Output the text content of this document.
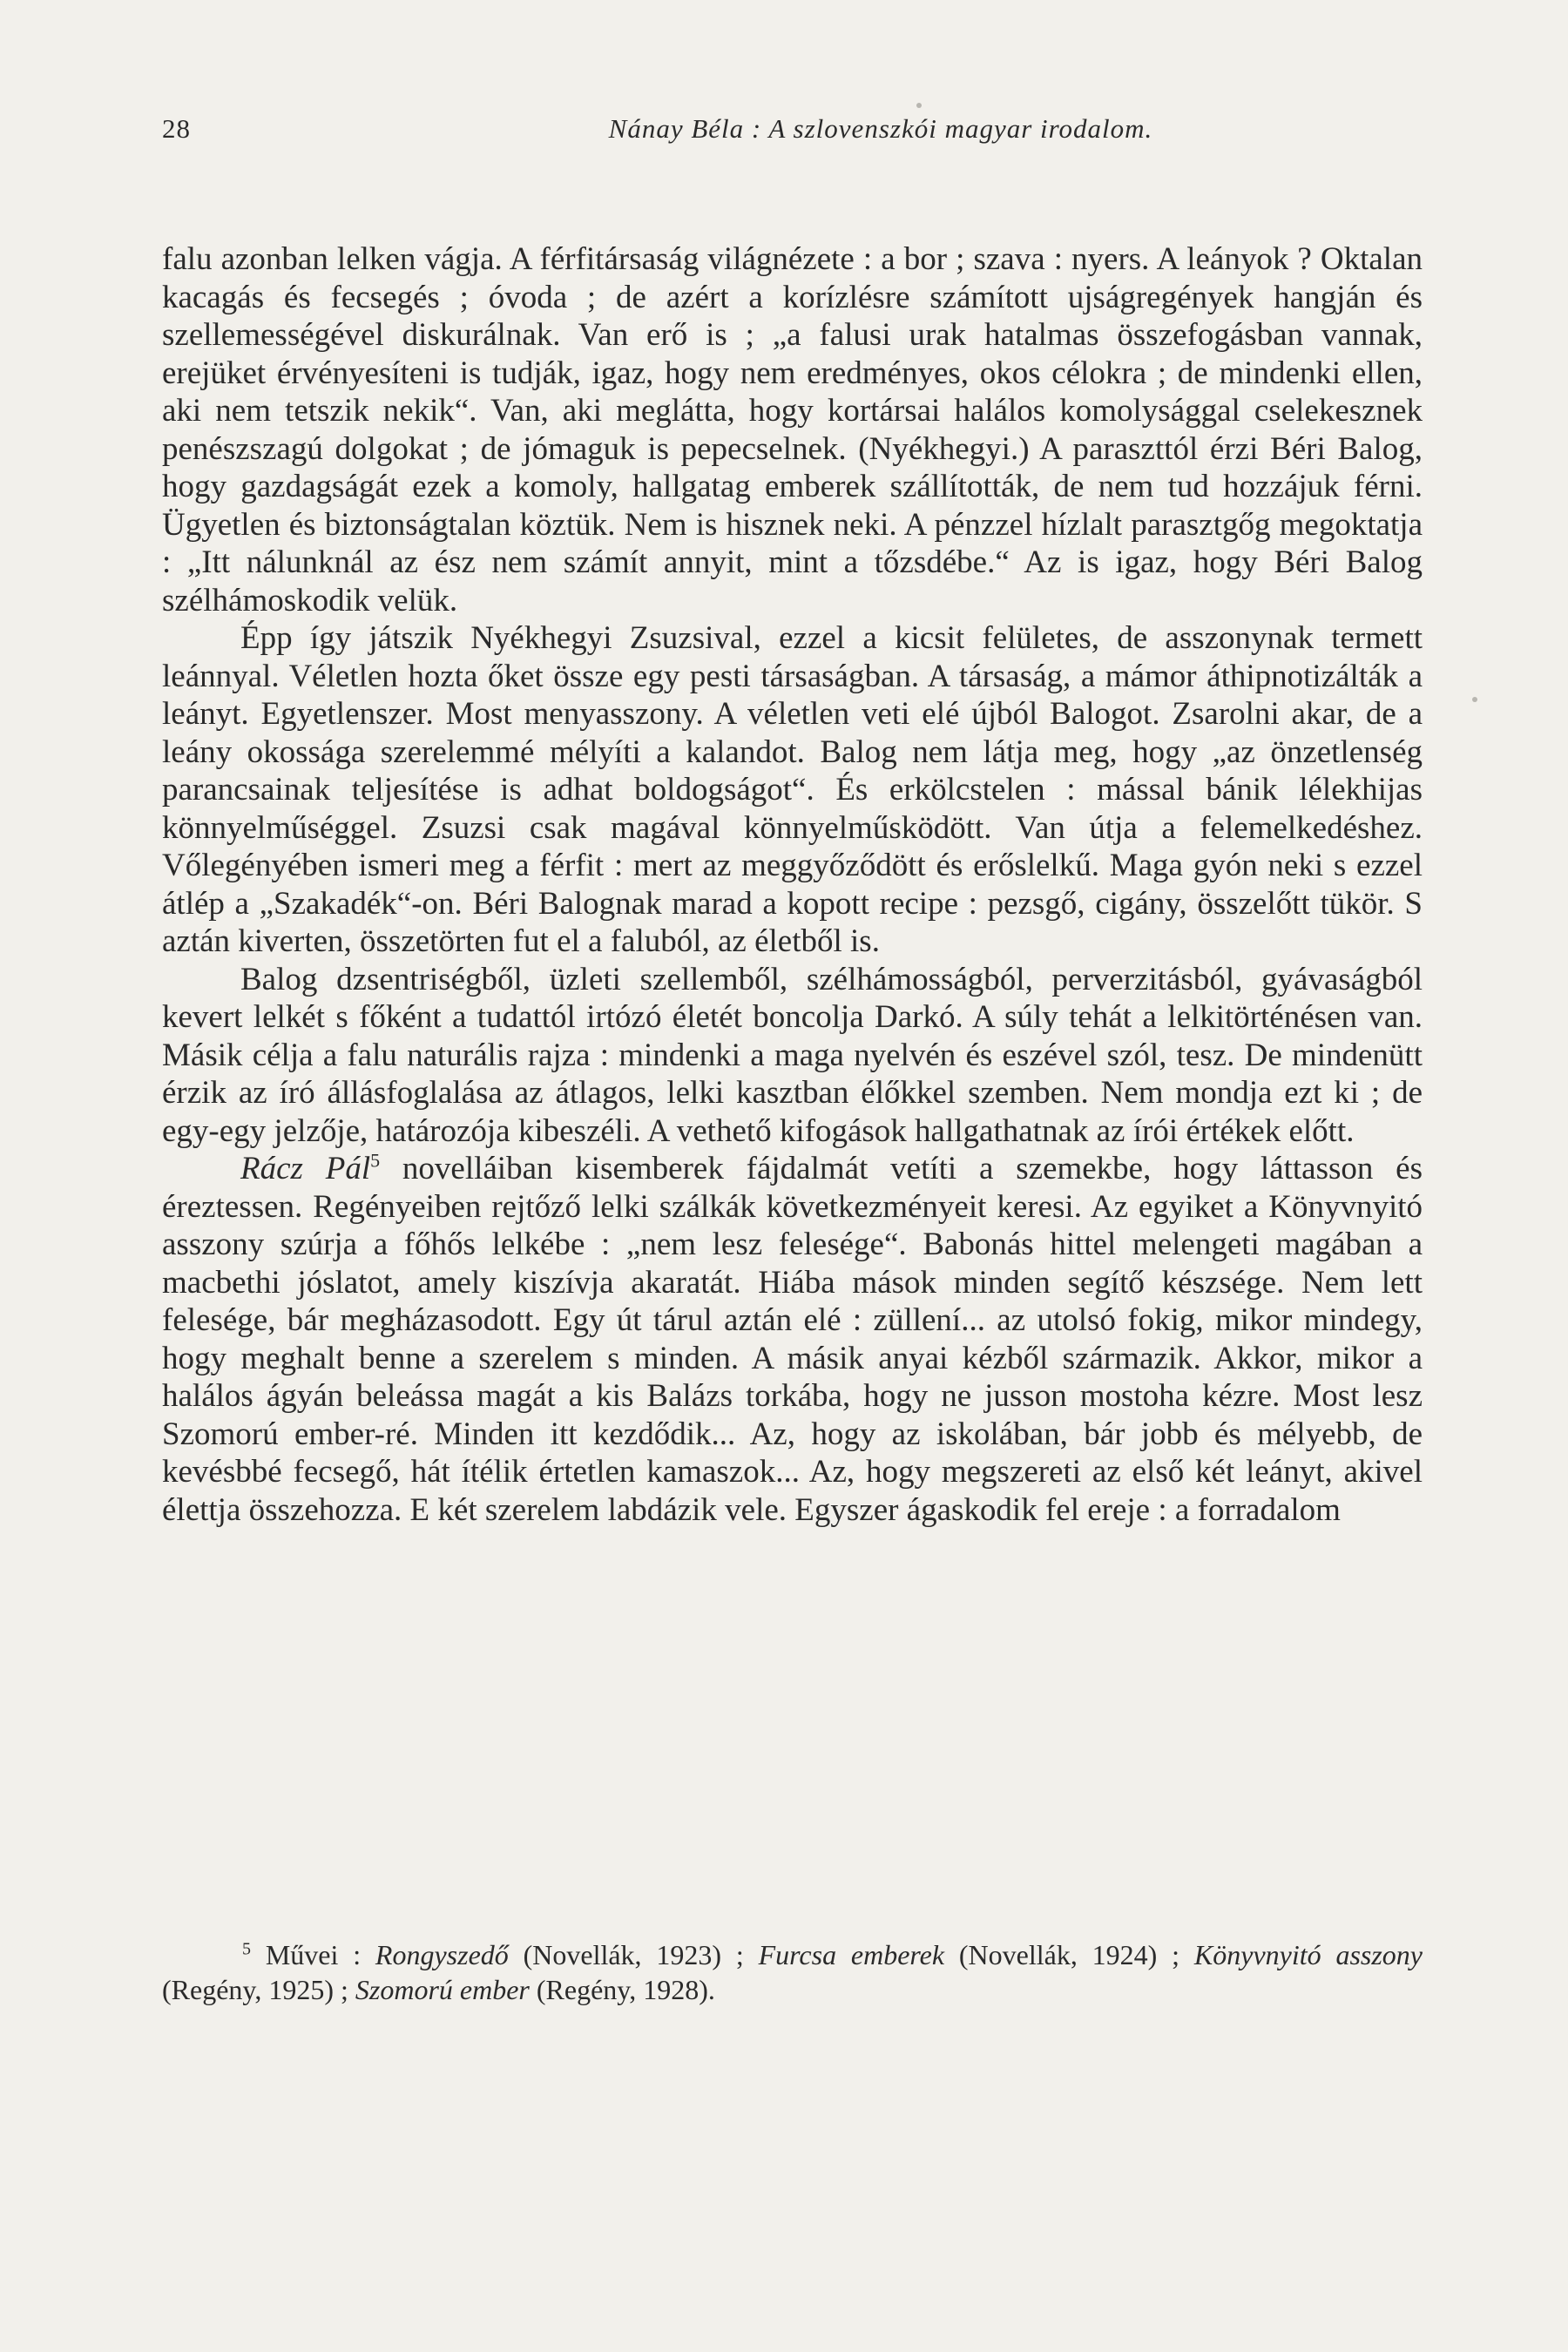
28	Nánay Béla : A szlovenszkói magyar irodalom.

falu azonban lelken vágja. A férfitársaság világnézete : a bor ; szava : nyers. A leányok ? Oktalan kacagás és fecsegés ; óvoda ; de azért a korízlésre számított ujságregények hangján és szellemességével diskurálnak. Van erő is ; „a falusi urak hatalmas összefogásban vannak, erejüket érvényesíteni is tudják, igaz, hogy nem eredményes, okos célokra ; de mindenki ellen, aki nem tetszik nekik“. Van, aki meglátta, hogy kortársai halálos komolysággal cselekesznek penészszagú dolgokat ; de jómaguk is pepecselnek. (Nyékhegyi.) A paraszttól érzi Béri Balog, hogy gazdagságát ezek a komoly, hallgatag emberek szállították, de nem tud hozzájuk férni. Ügyetlen és biztonságtalan köztük. Nem is hisznek neki. A pénzzel hízlalt parasztgőg megoktatja : „Itt nálunknál az ész nem számít annyit, mint a tőzsdébe.“ Az is igaz, hogy Béri Balog szélhámoskodik velük.

Épp így játszik Nyékhegyi Zsuzsival, ezzel a kicsit felületes, de asszonynak termett leánnyal. Véletlen hozta őket össze egy pesti társaságban. A társaság, a mámor áthipnotizálták a leányt. Egyetlenszer. Most menyasszony. A véletlen veti elé újból Balogot. Zsarolni akar, de a leány okossága szerelemmé mélyíti a kalandot. Balog nem látja meg, hogy „az önzetlenség parancsainak teljesítése is adhat boldogságot“. És erkölcstelen : mással bánik lélekhijas könnyelműséggel. Zsuzsi csak magával könnyelműsködött. Van útja a felemelkedéshez. Vőlegényében ismeri meg a férfit : mert az meggyőződött és erőslelkű. Maga gyón neki s ezzel átlép a „Szakadék“-on. Béri Balognak marad a kopott recipe : pezsgő, cigány, összelőtt tükör. S aztán kiverten, összetörten fut el a faluból, az életből is.

Balog dzsentriségből, üzleti szellemből, szélhámosságból, perverzitásból, gyávaságból kevert lelkét s főként a tudattól irtózó életét boncolja Darkó. A súly tehát a lelkitörténésen van. Másik célja a falu naturális rajza : mindenki a maga nyelvén és eszével szól, tesz. De mindenütt érzik az író állásfoglalása az átlagos, lelki kasztban élőkkel szemben. Nem mondja ezt ki ; de egy-egy jelzője, határozója kibeszéli. A vethető kifogások hallgathatnak az írói értékek előtt.

Rácz Pál$^5$ novelláiban kisemberek fájdalmát vetíti a szemekbe, hogy láttasson és éreztessen. Regényeiben rejtőző lelki szálkák következményeit keresi. Az egyiket a Könyvnyitó asszony szúrja a főhős lelkébe : „nem lesz felesége“. Babonás hittel melengeti magában a macbethi jóslatot, amely kiszívja akaratát. Hiába mások minden segítő készsége. Nem lett felesége, bár megházasodott. Egy út tárul aztán elé : züllení... az utolsó fokig, mikor mindegy, hogy meghalt benne a szerelem s minden. A másik anyai kézből származik. Akkor, mikor a halálos ágyán beleássa magát a kis Balázs torkába, hogy ne jusson mostoha kézre. Most lesz Szomorú ember-ré. Minden itt kezdődik... Az, hogy az iskolában, bár jobb és mélyebb, de kevésbbé fecsegő, hát ítélik értetlen kamaszok... Az, hogy megszereti az első két leányt, akivel élettja összehozza. E két szerelem labdázik vele. Egyszer ágaskodik fel ereje : a forradalom

$^5$ Művei : Rongyszedő (Novellák, 1923) ; Furcsa emberek (Novellák, 1924) ; Könyvnyitó asszony (Regény, 1925) ; Szomorú ember (Regény, 1928).
